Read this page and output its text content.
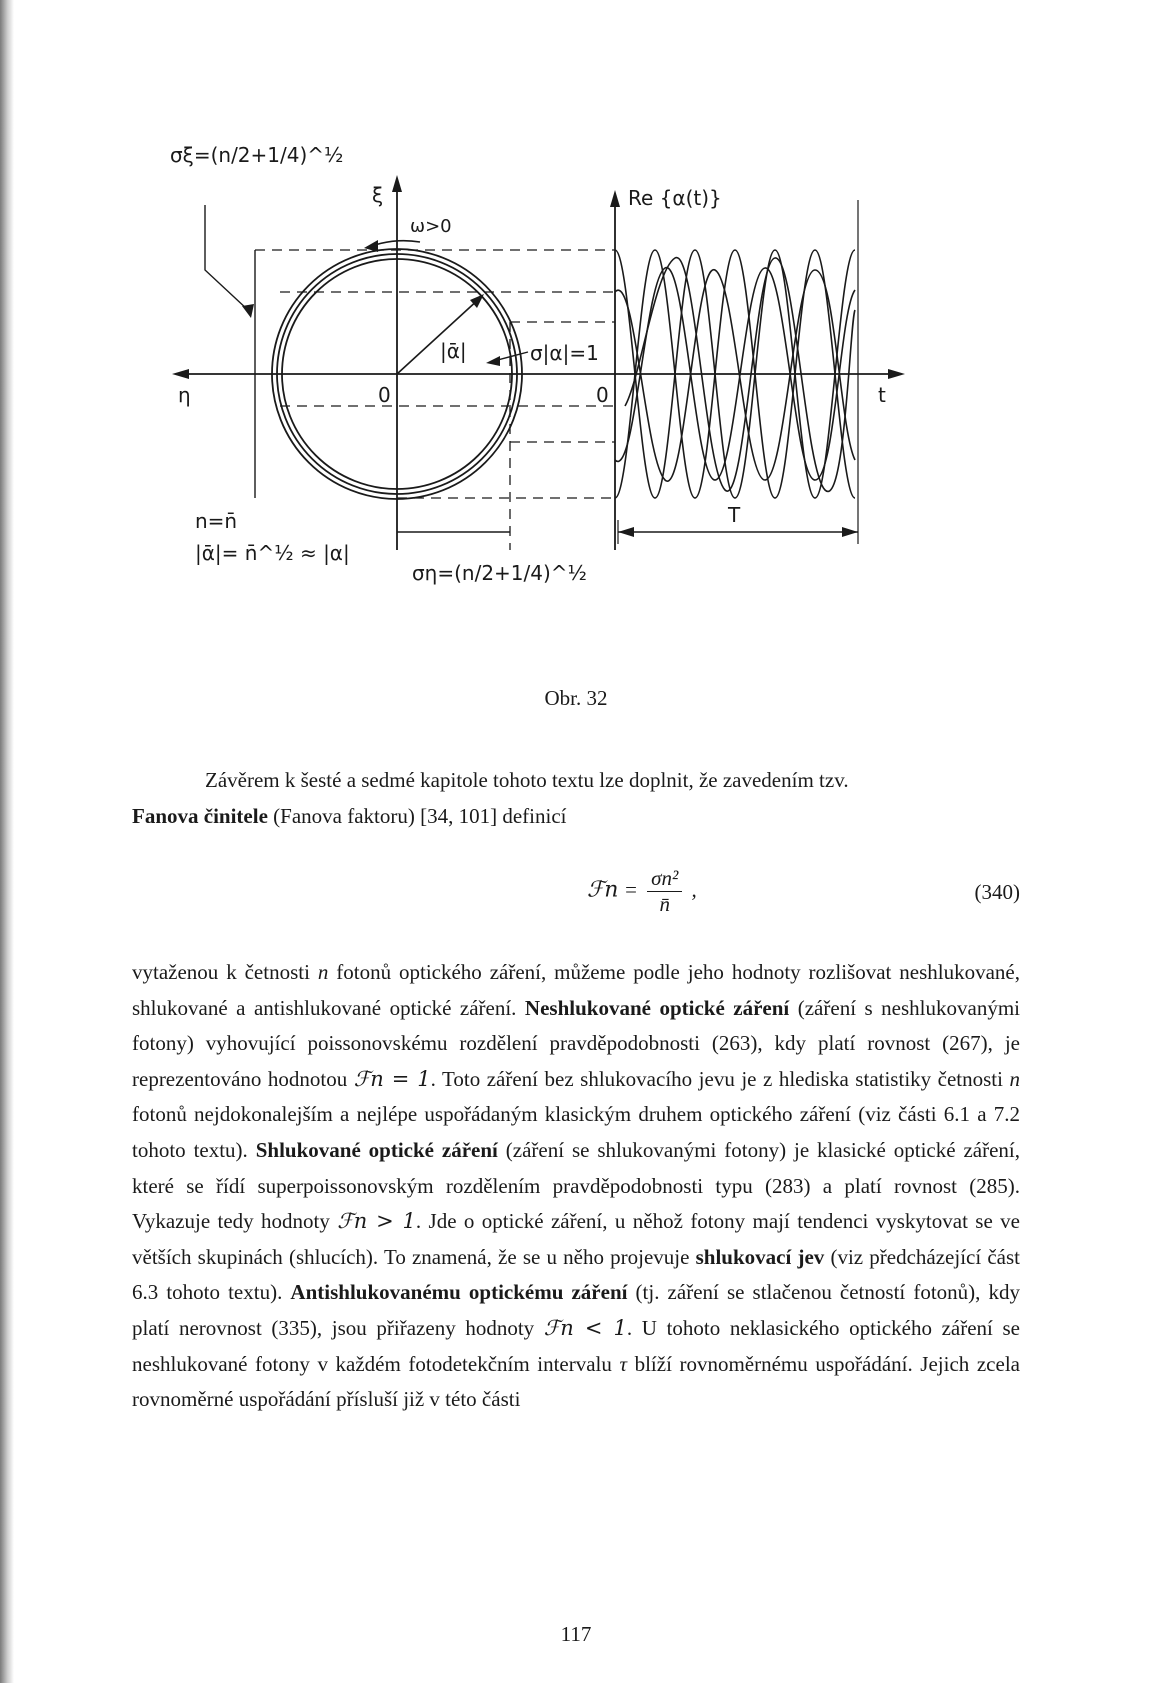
σξ=(n/2+1/4)^½
ξ
ω>0
Re {α(t)}
|ᾱ|	σ|α|=1
η	0	0	t
n=n̄
|ᾱ|= n̄^½ ≈ |α|
T
ση=(n/2+1/4)^½
Obr. 32
Závěrem k šesté a sedmé kapitole tohoto textu lze doplnit, že zavedením tzv.
Fanova činitele (Fanova faktoru) [34, 101] definicí
ℱn = $\frac{\text{σn²}}{n̄}$ ,	(340)
vytaženou k četnosti n fotonů optického záření, můžeme podle jeho hodnoty rozlišovat neshlukované, shlukované a antishlukované optické záření. Neshlukované optické záření (záření s neshlukovanými fotony) vyhovující poissonovskému rozdělení pravděpodobnosti (263), kdy platí rovnost (267), je reprezentováno hodnotou ℱn = 1. Toto záření bez shlukovacího jevu je z hlediska statistiky četnosti n fotonů nejdokonalejším a nejlépe uspořádaným klasickým druhem optického záření (viz části 6.1 a 7.2 tohoto textu). Shlukované optické záření (záření se shlukovanými fotony) je klasické optické záření, které se řídí superpoissonovským rozdělením pravděpodobnosti typu (283) a platí rovnost (285). Vykazuje tedy hodnoty ℱn > 1. Jde o optické záření, u něhož fotony mají tendenci vyskytovat se ve větších skupinách (shlucích). To znamená, že se u něho projevuje shlukovací jev (viz předcházející část 6.3 tohoto textu). Antishlukovanému optickému záření (tj. záření se stlačenou četností fotonů), kdy platí nerovnost (335), jsou přiřazeny hodnoty ℱn < 1. U tohoto neklasického optického záření se neshlukované fotony v každém fotodetekčním intervalu τ blíží rovnoměrnému uspořádání. Jejich zcela rovnoměrné uspořádání přísluší již v této části
117
